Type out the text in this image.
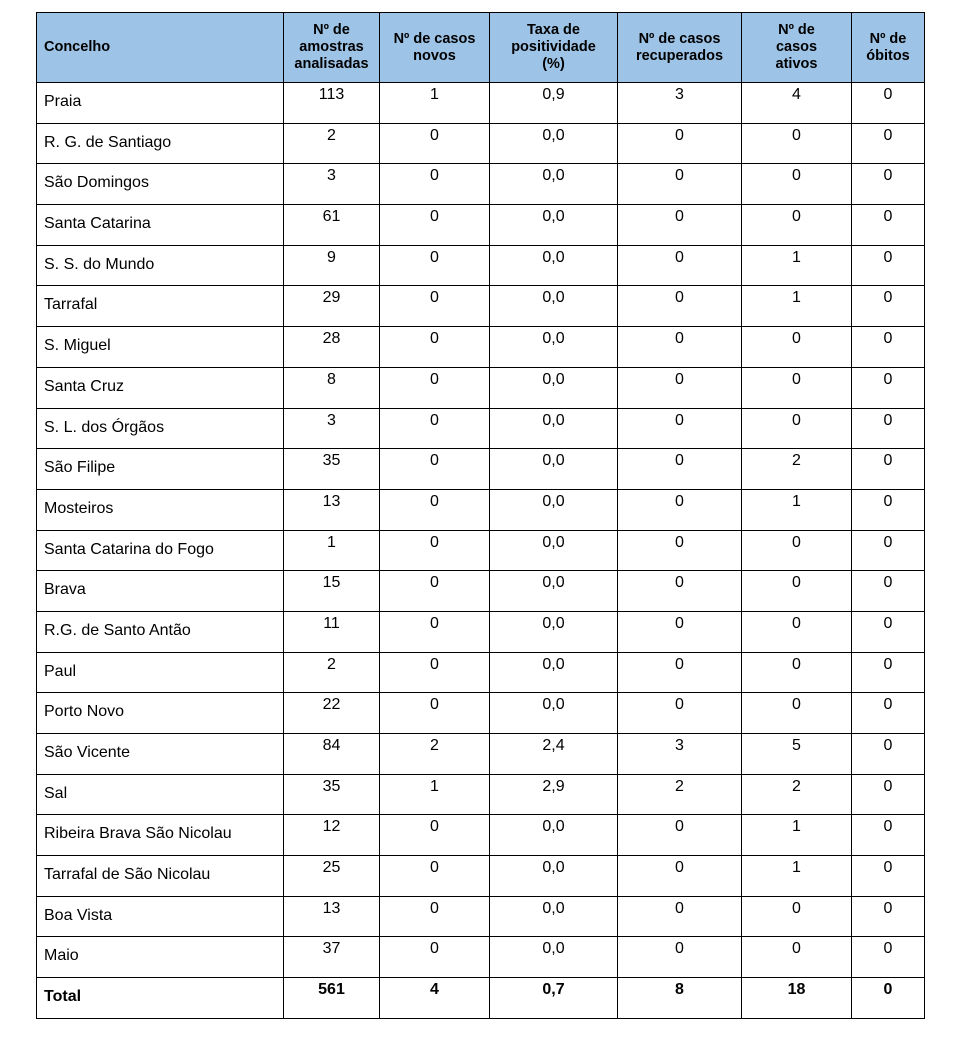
Concelho	Nº de amostras analisadas	Nº de casos novos	Taxa de positividade (%)	Nº de casos recuperados	Nº de casos ativos	Nº de óbitos
Praia	113	1	0,9	3	4	0
R. G. de Santiago	2	0	0,0	0	0	0
São Domingos	3	0	0,0	0	0	0
Santa Catarina	61	0	0,0	0	0	0
S. S. do Mundo	9	0	0,0	0	1	0
Tarrafal	29	0	0,0	0	1	0
S. Miguel	28	0	0,0	0	0	0
Santa Cruz	8	0	0,0	0	0	0
S. L. dos Órgãos	3	0	0,0	0	0	0
São Filipe	35	0	0,0	0	2	0
Mosteiros	13	0	0,0	0	1	0
Santa Catarina do Fogo	1	0	0,0	0	0	0
Brava	15	0	0,0	0	0	0
R.G. de Santo Antão	11	0	0,0	0	0	0
Paul	2	0	0,0	0	0	0
Porto Novo	22	0	0,0	0	0	0
São Vicente	84	2	2,4	3	5	0
Sal	35	1	2,9	2	2	0
Ribeira Brava São Nicolau	12	0	0,0	0	1	0
Tarrafal de São Nicolau	25	0	0,0	0	1	0
Boa Vista	13	0	0,0	0	0	0
Maio	37	0	0,0	0	0	0
Total	561	4	0,7	8	18	0
